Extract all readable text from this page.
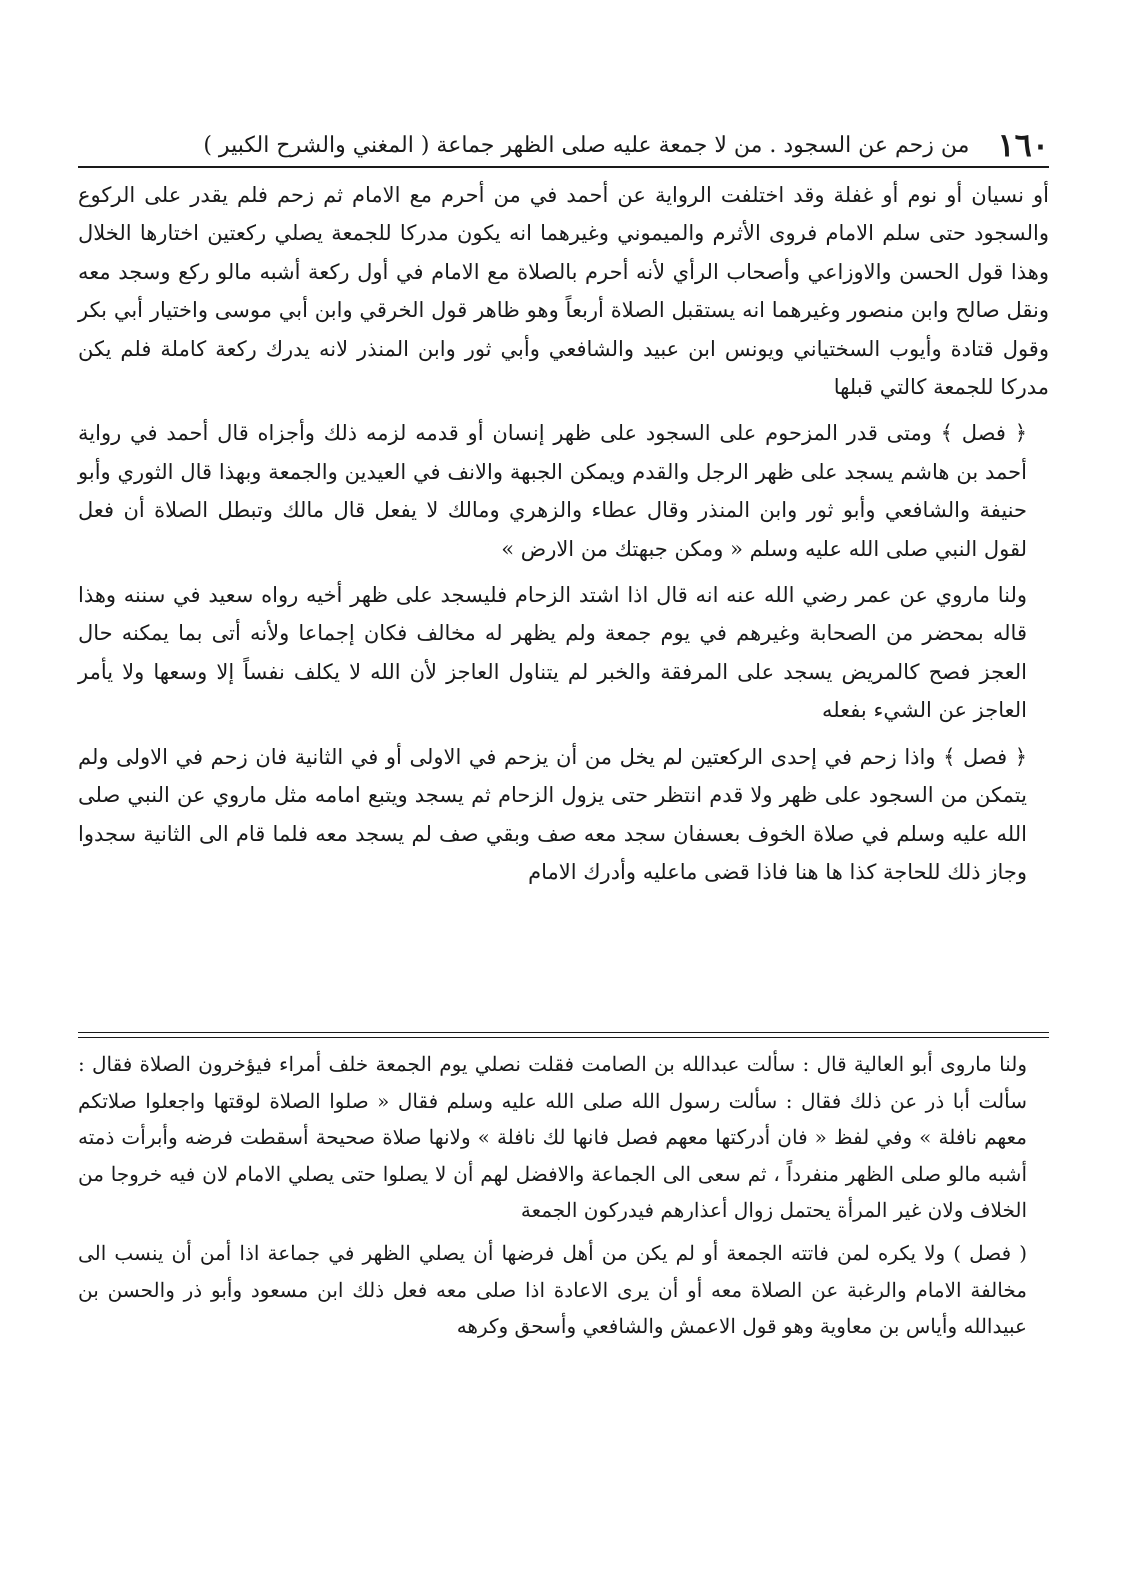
١٦٠
من زحم عن السجود . من لا جمعة عليه صلى الظهر جماعة ( المغني والشرح الكبير )

أو نسيان أو نوم أو غفلة وقد اختلفت الرواية عن أحمد في من أحرم مع الامام ثم زحم فلم يقدر على الركوع والسجود حتى سلم الامام فروى الأثرم والميموني وغيرهما انه يكون مدركا للجمعة يصلي ركعتين اختارها الخلال وهذا قول الحسن والاوزاعي وأصحاب الرأي لأنه أحرم بالصلاة مع الامام في أول ركعة أشبه مالو ركع وسجد معه ونقل صالح وابن منصور وغيرهما انه يستقبل الصلاة أربعاً وهو ظاهر قول الخرقي وابن أبي موسى واختيار أبي بكر وقول قتادة وأيوب السختياني ويونس ابن عبيد والشافعي وأبي ثور وابن المنذر لانه يدرك ركعة كاملة فلم يكن مدركا للجمعة كالتي قبلها

﴿ فصل ﴾ ومتى قدر المزحوم على السجود على ظهر إنسان أو قدمه لزمه ذلك وأجزاه قال أحمد في رواية أحمد بن هاشم يسجد على ظهر الرجل والقدم ويمكن الجبهة والانف في العيدين والجمعة وبهذا قال الثوري وأبو حنيفة والشافعي وأبو ثور وابن المنذر وقال عطاء والزهري ومالك لا يفعل قال مالك وتبطل الصلاة أن فعل لقول النبي صلى الله عليه وسلم « ومكن جبهتك من الارض »

ولنا ماروي عن عمر رضي الله عنه انه قال اذا اشتد الزحام فليسجد على ظهر أخيه رواه سعيد في سننه وهذا قاله بمحضر من الصحابة وغيرهم في يوم جمعة ولم يظهر له مخالف فكان إجماعا ولأنه أتى بما يمكنه حال العجز فصح كالمريض يسجد على المرفقة والخبر لم يتناول العاجز لأن الله لا يكلف نفساً إلا وسعها ولا يأمر العاجز عن الشيء بفعله

﴿ فصل ﴾ واذا زحم في إحدى الركعتين لم يخل من أن يزحم في الاولى أو في الثانية فان زحم في الاولى ولم يتمكن من السجود على ظهر ولا قدم انتظر حتى يزول الزحام ثم يسجد ويتبع امامه مثل ماروي عن النبي صلى الله عليه وسلم في صلاة الخوف بعسفان سجد معه صف وبقي صف لم يسجد معه فلما قام الى الثانية سجدوا وجاز ذلك للحاجة كذا ها هنا فاذا قضى ماعليه وأدرك الامام

ولنا ماروى أبو العالية قال : سألت عبدالله بن الصامت فقلت نصلي يوم الجمعة خلف أمراء فيؤخرون الصلاة فقال : سألت أبا ذر عن ذلك فقال : سألت رسول الله صلى الله عليه وسلم فقال « صلوا الصلاة لوقتها واجعلوا صلاتكم معهم نافلة » وفي لفظ « فان أدركتها معهم فصل فانها لك نافلة » ولانها صلاة صحيحة أسقطت فرضه وأبرأت ذمته أشبه مالو صلى الظهر منفرداً ، ثم سعى الى الجماعة والافضل لهم أن لا يصلوا حتى يصلي الامام لان فيه خروجا من الخلاف ولان غير المرأة يحتمل زوال أعذارهم فيدركون الجمعة

( فصل ) ولا يكره لمن فاتته الجمعة أو لم يكن من أهل فرضها أن يصلي الظهر في جماعة اذا أمن أن ينسب الى مخالفة الامام والرغبة عن الصلاة معه أو أن يرى الاعادة اذا صلى معه فعل ذلك ابن مسعود وأبو ذر والحسن بن عبيدالله وأياس بن معاوية وهو قول الاعمش والشافعي وأسحق وكرهه
